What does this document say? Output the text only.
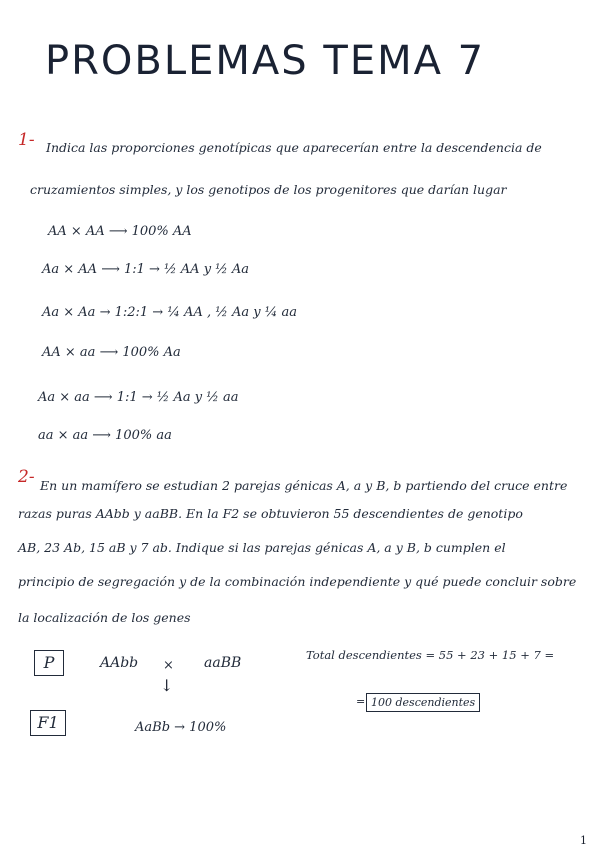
PROBLEMAS TEMA 7
1- Indica las proporciones genotípicas que aparecerían entre la descendencia de
cruzamientos simples, y los genotipos de los progenitores que darían lugar
AA × AA ⟶ 100% AA
Aa × AA ⟶ 1:1 → ½ AA y ½ Aa
Aa × Aa → 1:2:1 → ¼ AA , ½ Aa y ¼ aa
AA × aa ⟶ 100% Aa
Aa × aa ⟶ 1:1 → ½ Aa y ½ aa
aa × aa ⟶ 100% aa
2- En un mamífero se estudian 2 parejas génicas A, a y B, b partiendo del cruce entre
razas puras AAbb y aaBB. En la F2 se obtuvieron 55 descendientes de genotipo
AB, 23 Ab, 15 aB y 7 ab. Indique si las parejas génicas A, a y B, b cumplen el
principio de segregación y de la combinación independiente y qué puede concluir sobre
la localización de los genes
P	AAbb × aaBB
↓
F1	AaBb → 100%
Total descendientes = 55 + 23 + 15 + 7 =
100 descendientes
=
1
